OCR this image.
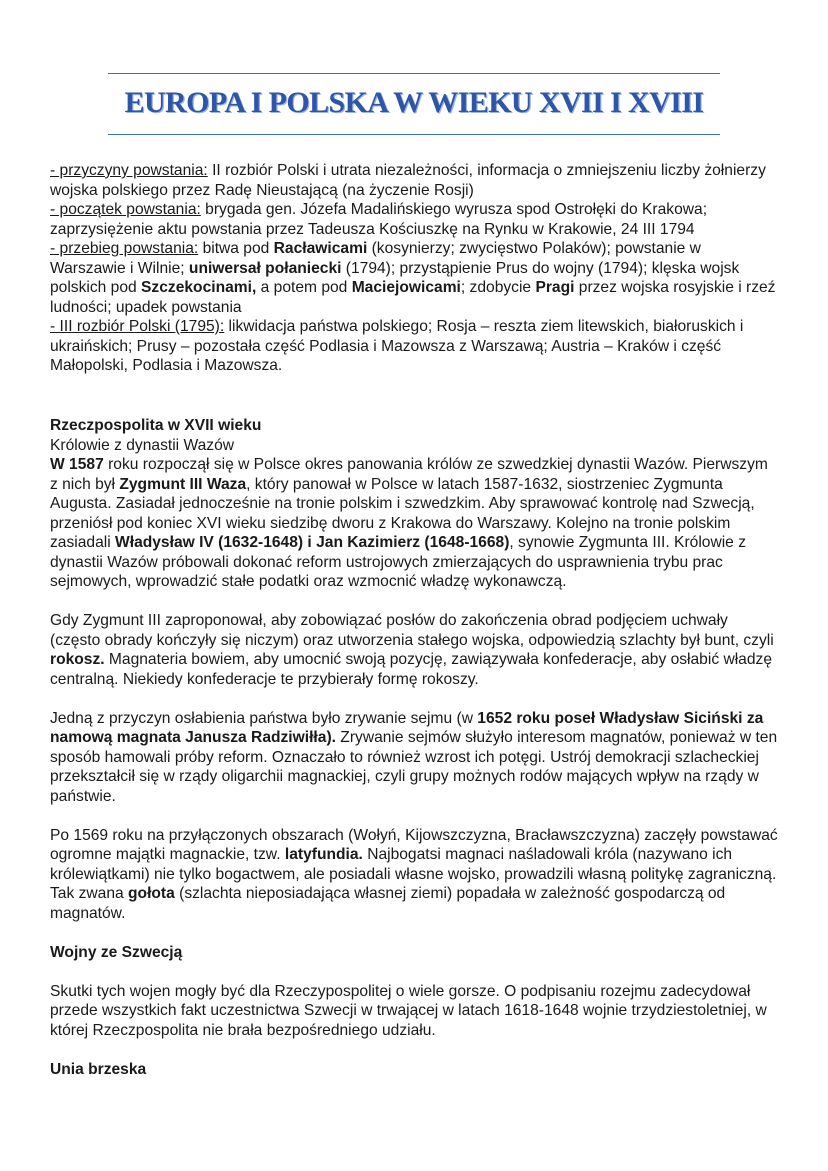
EUROPA I POLSKA W WIEKU XVII I XVIII

- przyczyny powstania: II rozbiór Polski i utrata niezależności, informacja o zmniejszeniu liczby żołnierzy wojska polskiego przez Radę Nieustającą (na życzenie Rosji)

- początek powstania: brygada gen. Józefa Madalińskiego wyrusza spod Ostrołęki do Krakowa; zaprzysiężenie aktu powstania przez Tadeusza Kościuszkę na Rynku w Krakowie, 24 III 1794

- przebieg powstania: bitwa pod Racławicami (kosynierzy; zwycięstwo Polaków); powstanie w Warszawie i Wilnie; uniwersał połaniecki (1794); przystąpienie Prus do wojny (1794); klęska wojsk polskich pod Szczekocinami, a potem pod Maciejowicami; zdobycie Pragi przez wojska rosyjskie i rzeź ludności; upadek powstania

- III rozbiór Polski (1795): likwidacja państwa polskiego; Rosja – reszta ziem litewskich, białoruskich i ukraińskich; Prusy – pozostała część Podlasia i Mazowsza z Warszawą; Austria – Kraków i część Małopolski, Podlasia i Mazowsza.

Rzeczpospolita w XVII wieku

Królowie z dynastii Wazów

W 1587 roku rozpoczął się w Polsce okres panowania królów ze szwedzkiej dynastii Wazów. Pierwszym z nich był Zygmunt III Waza, który panował w Polsce w latach 1587-1632, siostrzeniec Zygmunta Augusta. Zasiadał jednocześnie na tronie polskim i szwedzkim. Aby sprawować kontrolę nad Szwecją, przeniósł pod koniec XVI wieku siedzibę dworu z Krakowa do Warszawy. Kolejno na tronie polskim zasiadali Władysław IV (1632-1648) i Jan Kazimierz (1648-1668), synowie Zygmunta III. Królowie z dynastii Wazów próbowali dokonać reform ustrojowych zmierzających do usprawnienia trybu prac sejmowych, wprowadzić stałe podatki oraz wzmocnić władzę wykonawczą.

Gdy Zygmunt III zaproponował, aby zobowiązać posłów do zakończenia obrad podjęciem uchwały (często obrady kończyły się niczym) oraz utworzenia stałego wojska, odpowiedzią szlachty był bunt, czyli rokosz. Magnateria bowiem, aby umocnić swoją pozycję, zawiązywała konfederacje, aby osłabić władzę centralną. Niekiedy konfederacje te przybierały formę rokoszy.

Jedną z przyczyn osłabienia państwa było zrywanie sejmu (w 1652 roku poseł Władysław Siciński za namową magnata Janusza Radziwiłła). Zrywanie sejmów służyło interesom magnatów, ponieważ w ten sposób hamowali próby reform. Oznaczało to również wzrost ich potęgi. Ustrój demokracji szlacheckiej przekształcił się w rządy oligarchii magnackiej, czyli grupy możnych rodów mających wpływ na rządy w państwie.

Po 1569 roku na przyłączonych obszarach (Wołyń, Kijowszczyzna, Bracławszczyzna) zaczęły powstawać ogromne majątki magnackie, tzw. latyfundia. Najbogatsi magnaci naśladowali króla (nazywano ich królewiątkami) nie tylko bogactwem, ale posiadali własne wojsko, prowadzili własną politykę zagraniczną. Tak zwana gołota (szlachta nieposiadająca własnej ziemi) popadała w zależność gospodarczą od magnatów.

Wojny ze Szwecją

Skutki tych wojen mogły być dla Rzeczypospolitej o wiele gorsze. O podpisaniu rozejmu zadecydował przede wszystkich fakt uczestnictwa Szwecji w trwającej w latach 1618-1648 wojnie trzydziestoletniej, w której Rzeczpospolita nie brała bezpośredniego udziału.

Unia brzeska
